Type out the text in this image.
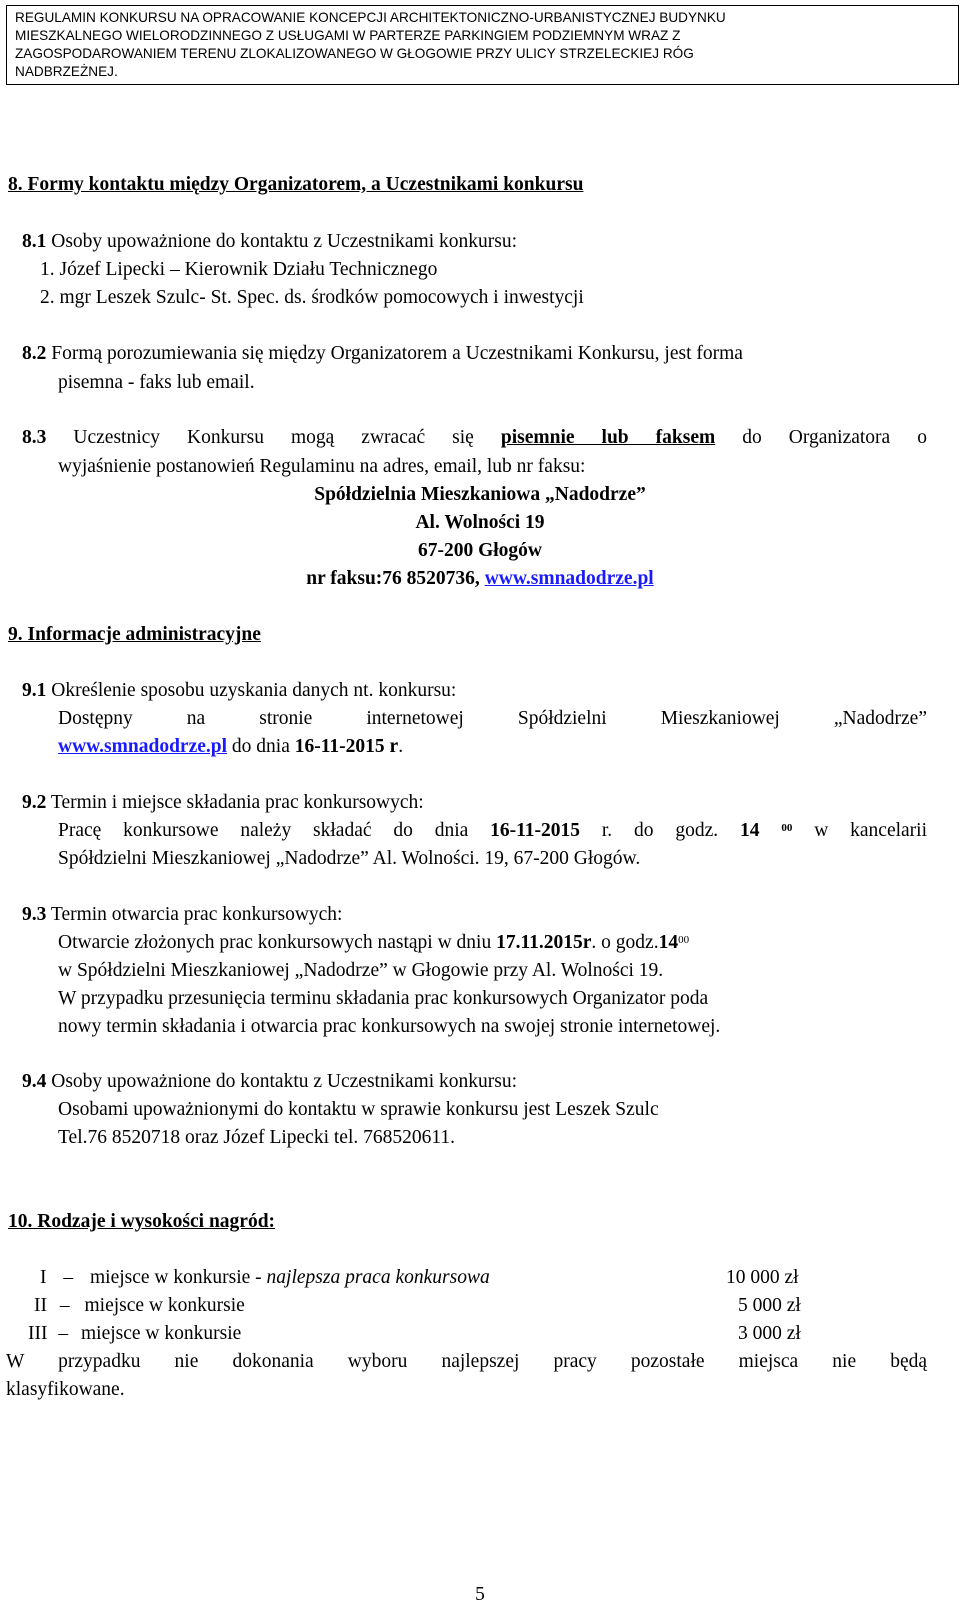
REGULAMIN KONKURSU NA OPRACOWANIE KONCEPCJI ARCHITEKTONICZNO-URBANISTYCZNEJ BUDYNKU
MIESZKALNEGO WIELORODZINNEGO Z USŁUGAMI W PARTERZE PARKINGIEM PODZIEMNYM WRAZ Z
ZAGOSPODAROWANIEM TERENU ZLOKALIZOWANEGO W GŁOGOWIE PRZY ULICY STRZELECKIEJ RÓG
NADBRZEŻNEJ.
8. Formy kontaktu między Organizatorem, a Uczestnikami konkursu
8.1 Osoby upoważnione do kontaktu z Uczestnikami konkursu:
1. Józef Lipecki – Kierownik Działu Technicznego
2. mgr Leszek Szulc- St. Spec. ds. środków pomocowych i inwestycji
8.2 Formą porozumiewania się między Organizatorem a Uczestnikami Konkursu, jest forma
pisemna - faks lub email.
8.3 Uczestnicy Konkursu mogą zwracać się pisemnie lub faksem do Organizatora o
wyjaśnienie postanowień Regulaminu na adres, email, lub nr faksu:
Spółdzielnia Mieszkaniowa „Nadodrze”
Al. Wolności 19
67-200 Głogów
nr faksu:76 8520736, www.smnadodrze.pl
9. Informacje administracyjne
9.1 Określenie sposobu uzyskania danych nt. konkursu:
Dostępny na stronie internetowej Spółdzielni Mieszkaniowej „Nadodrze”
www.smnadodrze.pl do dnia 16-11-2015 r.
9.2 Termin i miejsce składania prac konkursowych:
Pracę konkursowe należy składać do dnia 16-11-2015 r. do godz. 14 $^{00}$ w kancelarii
Spółdzielni Mieszkaniowej „Nadodrze” Al. Wolności. 19, 67-200 Głogów.
9.3 Termin otwarcia prac konkursowych:
Otwarcie złożonych prac konkursowych nastąpi w dniu 17.11.2015r. o $godz.14^{00}$
w Spółdzielni Mieszkaniowej „Nadodrze” w Głogowie przy Al. Wolności 19.
W przypadku przesunięcia terminu składania prac konkursowych Organizator poda
nowy termin składania i otwarcia prac konkursowych na swojej stronie internetowej.
9.4 Osoby upoważnione do kontaktu z Uczestnikami konkursu:
Osobami upoważnionymi do kontaktu w sprawie konkursu jest Leszek Szulc
Tel.76 8520718 oraz Józef Lipecki tel. 768520611.
10. Rodzaje i wysokości nagród:
I – miejsce w konkursie - najlepsza praca konkursowa	10 000 zł
II – miejsce w konkursie	5 000 zł
III – miejsce w konkursie	3 000 zł
W przypadku nie dokonania wyboru najlepszej pracy pozostałe miejsca nie będą
klasyfikowane.
5
